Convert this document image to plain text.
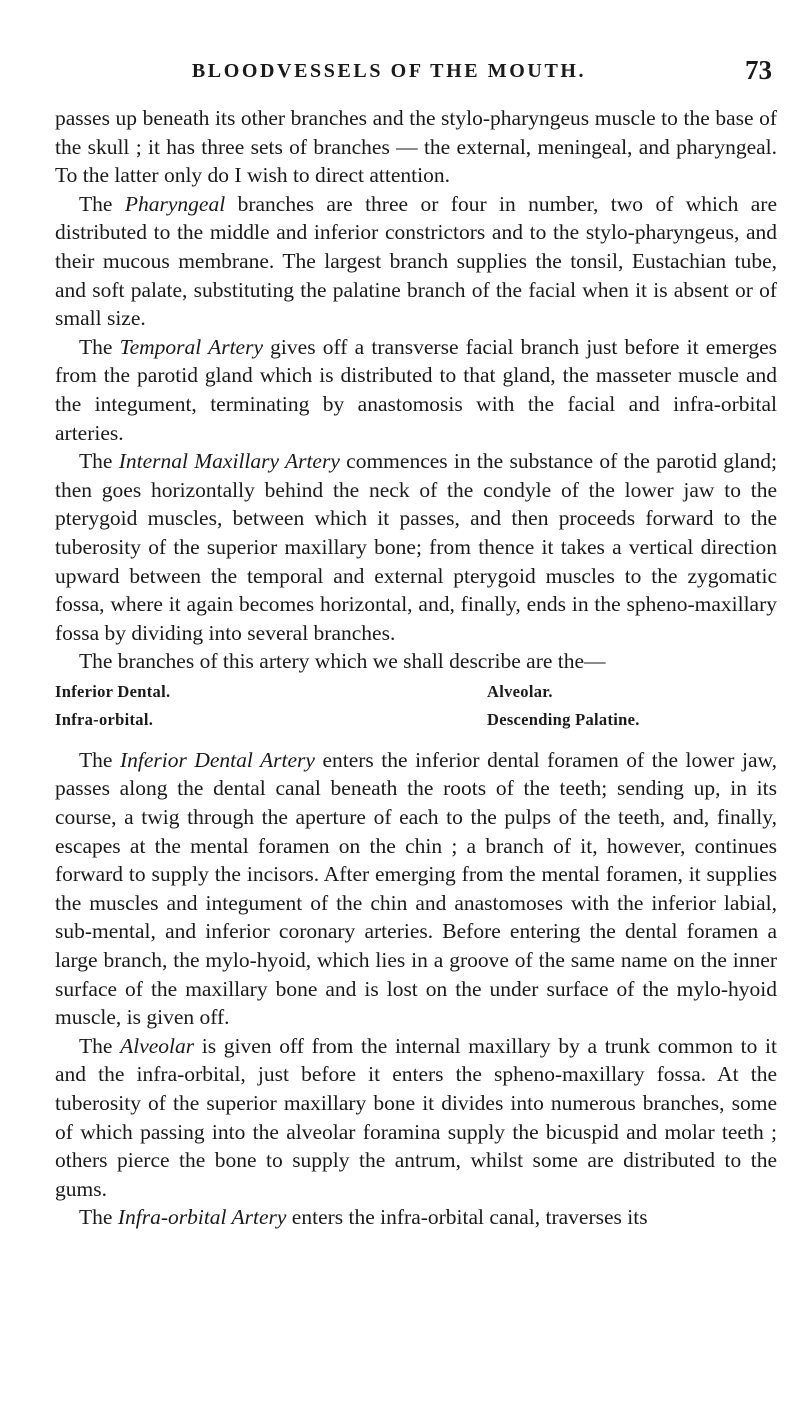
BLOODVESSELS OF THE MOUTH.	73

passes up beneath its other branches and the stylo-pharyngeus muscle to the base of the skull ; it has three sets of branches — the external, meningeal, and pharyngeal. To the latter only do I wish to direct attention.

The Pharyngeal branches are three or four in number, two of which are distributed to the middle and inferior constrictors and to the stylo-pharyngeus, and their mucous membrane. The largest branch supplies the tonsil, Eustachian tube, and soft palate, substituting the palatine branch of the facial when it is absent or of small size.

The Temporal Artery gives off a transverse facial branch just before it emerges from the parotid gland which is distributed to that gland, the masseter muscle and the integument, terminating by anastomosis with the facial and infra-orbital arteries.

The Internal Maxillary Artery commences in the substance of the parotid gland; then goes horizontally behind the neck of the condyle of the lower jaw to the pterygoid muscles, between which it passes, and then proceeds forward to the tuberosity of the superior maxillary bone; from thence it takes a vertical direction upward between the temporal and external pterygoid muscles to the zygomatic fossa, where it again becomes horizontal, and, finally, ends in the spheno-maxillary fossa by dividing into several branches.

The branches of this artery which we shall describe are the—

Inferior Dental.	Alveolar.
Infra-orbital.	Descending Palatine.

The Inferior Dental Artery enters the inferior dental foramen of the lower jaw, passes along the dental canal beneath the roots of the teeth; sending up, in its course, a twig through the aperture of each to the pulps of the teeth, and, finally, escapes at the mental foramen on the chin ; a branch of it, however, continues forward to supply the incisors. After emerging from the mental foramen, it supplies the muscles and integument of the chin and anastomoses with the inferior labial, sub-mental, and inferior coronary arteries. Before entering the dental foramen a large branch, the mylo-hyoid, which lies in a groove of the same name on the inner surface of the maxillary bone and is lost on the under surface of the mylo-hyoid muscle, is given off.

The Alveolar is given off from the internal maxillary by a trunk common to it and the infra-orbital, just before it enters the spheno-maxillary fossa. At the tuberosity of the superior maxillary bone it divides into numerous branches, some of which passing into the alveolar foramina supply the bicuspid and molar teeth ; others pierce the bone to supply the antrum, whilst some are distributed to the gums.

The Infra-orbital Artery enters the infra-orbital canal, traverses its
